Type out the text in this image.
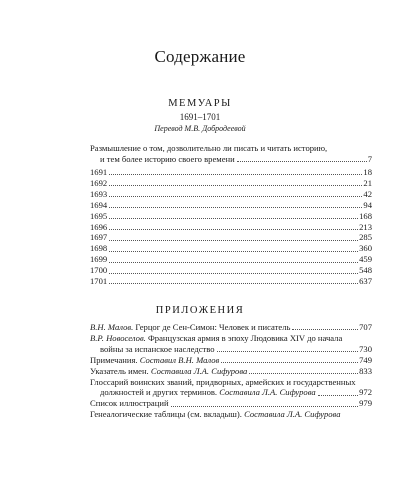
Содержание
МЕМУАРЫ
1691–1701
Перевод М.В. Добродеевой
Размышление о том, дозволительно ли писать и читать историю,
и тем более историю своего времени	7
1691	18
1692	21
1693	42
1694	94
1695	168
1696	213
1697	285
1698	360
1699	459
1700	548
1701	637
ПРИЛОЖЕНИЯ
В.Н. Малов. Герцог де Сен-Симон: Человек и писатель	707
В.Р. Новоселов. Французская армия в эпоху Людовика XIV до начала
войны за испанское наследство	730
Примечания. Составил В.Н. Малов	749
Указатель имен. Составила Л.А. Сифурова	833
Глоссарий воинских званий, придворных, армейских и государственных
должностей и других терминов. Составила Л.А. Сифурова	972
Список иллюстраций	979
Генеалогические таблицы (см. вкладыш). Составила Л.А. Сифурова
